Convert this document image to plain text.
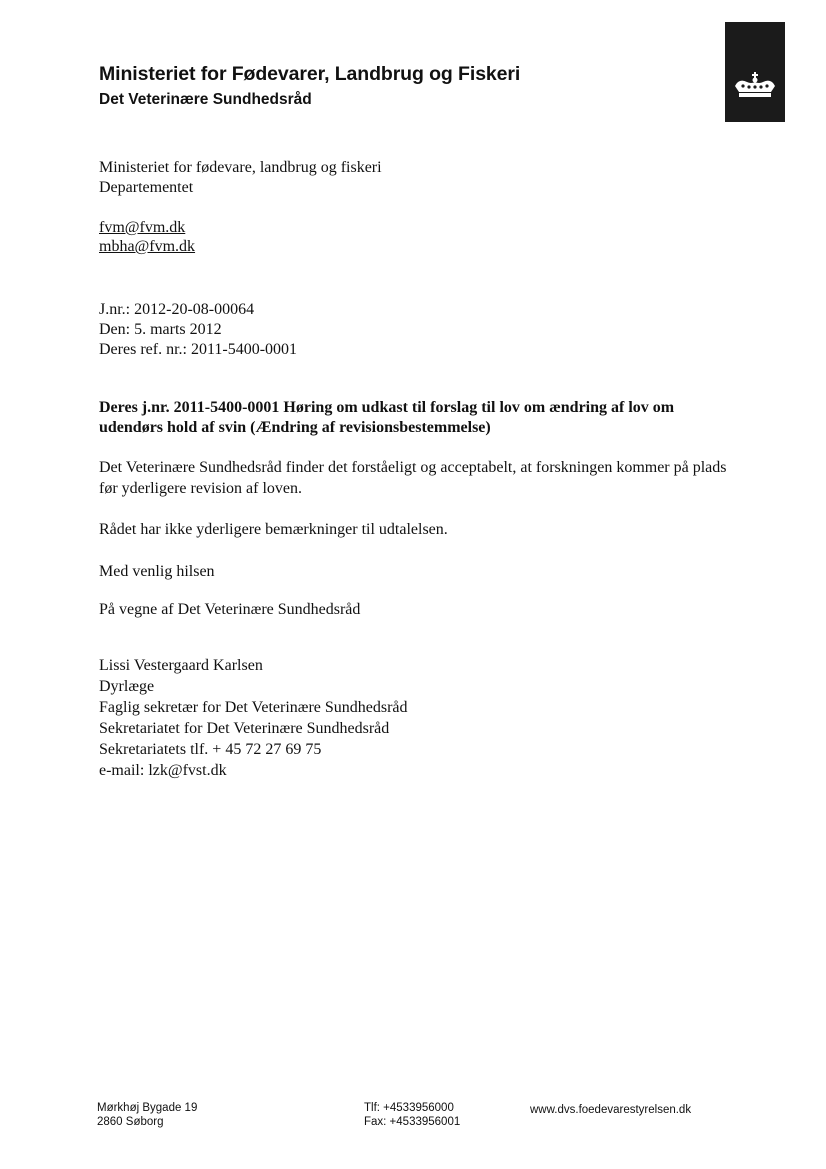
Ministeriet for Fødevarer, Landbrug og Fiskeri
Det Veterinære Sundhedsråd
Ministeriet for fødevare, landbrug og fiskeri
Departementet
fvm@fvm.dk
mbha@fvm.dk
J.nr.: 2012-20-08-00064
Den: 5. marts 2012
Deres ref. nr.: 2011-5400-0001
Deres j.nr. 2011-5400-0001 Høring om udkast til forslag til lov om ændring af lov om udendørs hold af svin (Ændring af revisionsbestemmelse)
Det Veterinære Sundhedsråd finder det forståeligt og acceptabelt, at forskningen kommer på plads før yderligere revision af loven.
Rådet har ikke yderligere bemærkninger til udtalelsen.
Med venlig hilsen
På vegne af Det Veterinære Sundhedsråd
Lissi Vestergaard Karlsen
Dyrlæge
Faglig sekretær for Det Veterinære Sundhedsråd
Sekretariatet for Det Veterinære Sundhedsråd
Sekretariatets tlf. + 45 72 27 69 75
e-mail: lzk@fvst.dk
Mørkhøj Bygade 19
2860 Søborg
Tlf: +4533956000
Fax: +4533956001
www.dvs.foedevarestyrelsen.dk
